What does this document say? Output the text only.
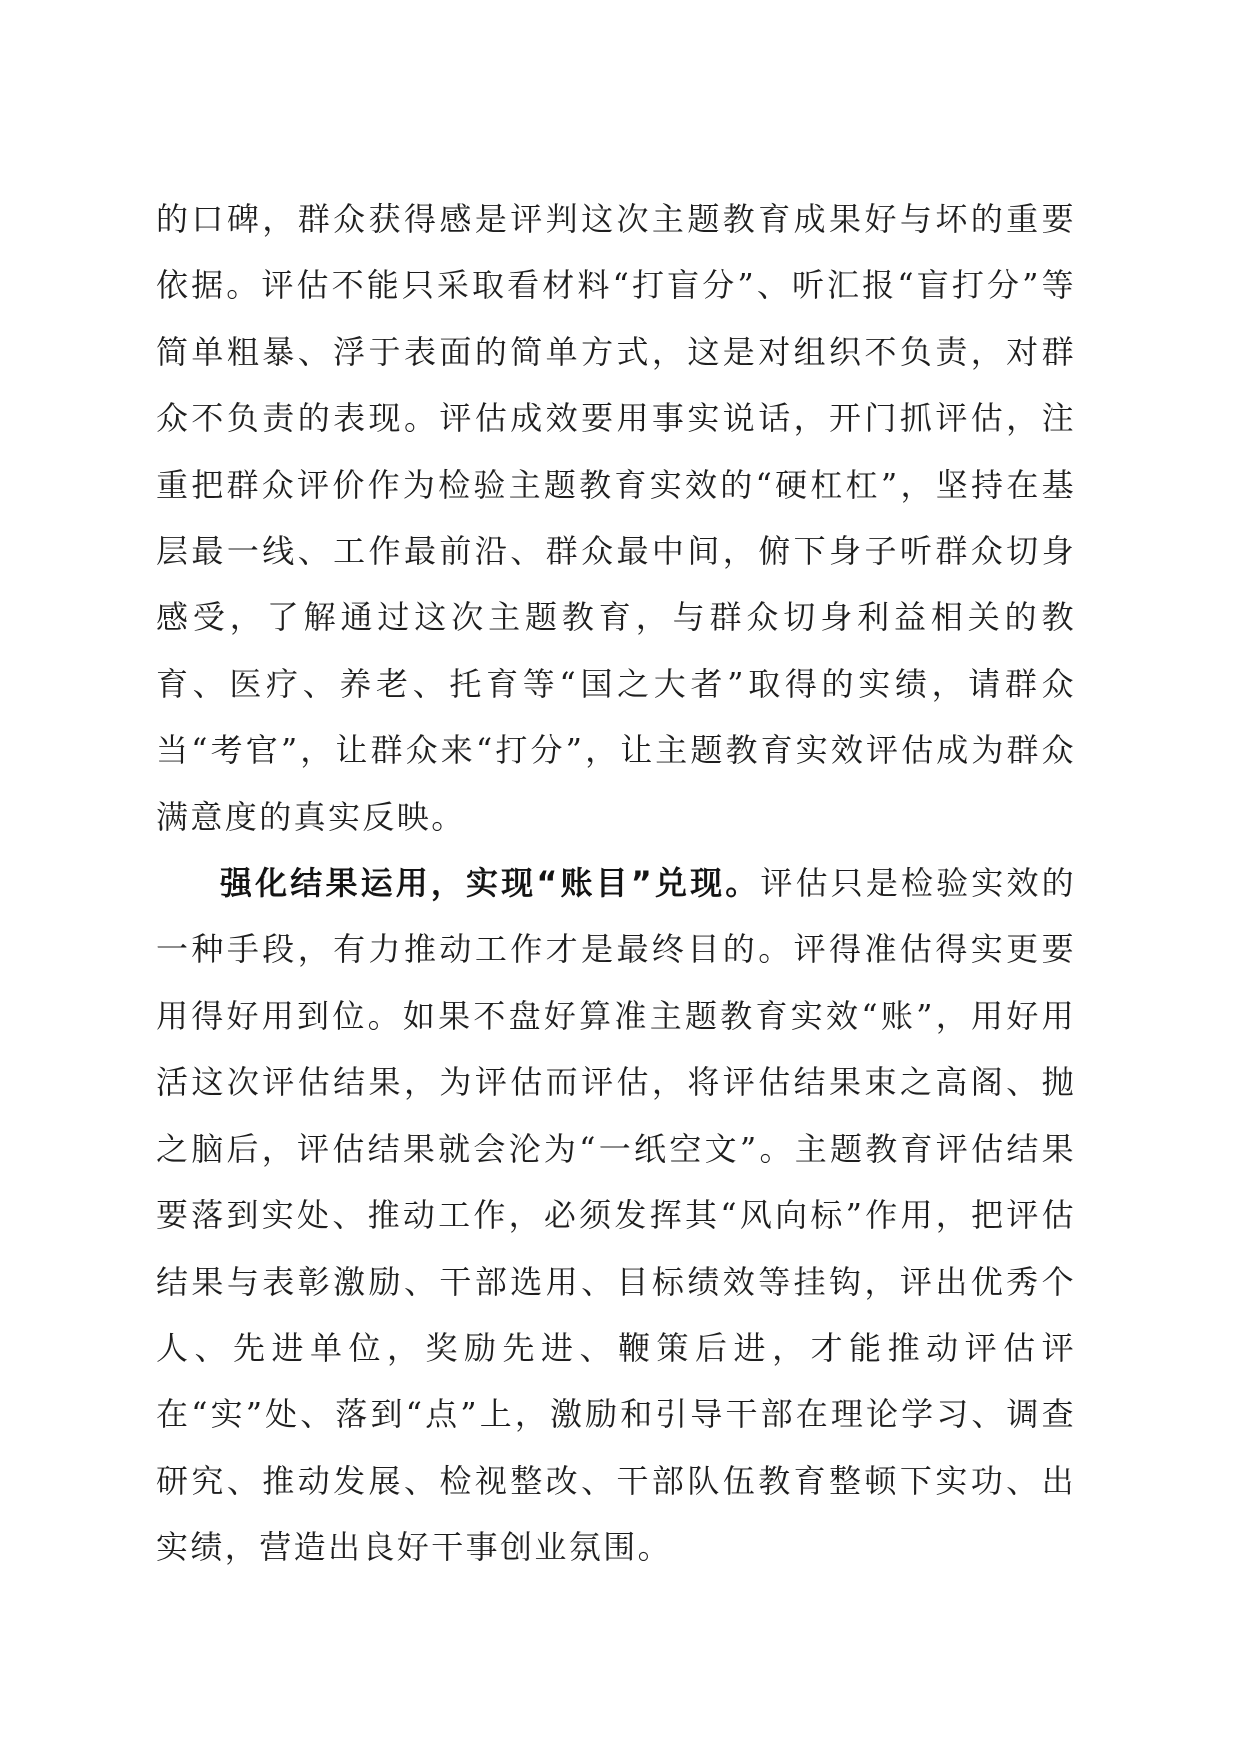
的口碑，群众获得感是评判这次主题教育成果好与坏的重要依据。评估不能只采取看材料“打盲分”、听汇报“盲打分”等简单粗暴、浮于表面的简单方式，这是对组织不负责，对群众不负责的表现。评估成效要用事实说话，开门抓评估，注重把群众评价作为检验主题教育实效的“硬杠杠”，坚持在基层最一线、工作最前沿、群众最中间，俯下身子听群众切身感受，了解通过这次主题教育，与群众切身利益相关的教育、医疗、养老、托育等“国之大者”取得的实绩，请群众当“考官”，让群众来“打分”，让主题教育实效评估成为群众满意度的真实反映。

强化结果运用，实现“账目”兑现。评估只是检验实效的一种手段，有力推动工作才是最终目的。评得准估得实更要用得好用到位。如果不盘好算准主题教育实效“账”，用好用活这次评估结果，为评估而评估，将评估结果束之高阁、抛之脑后，评估结果就会沦为“一纸空文”。主题教育评估结果要落到实处、推动工作，必须发挥其“风向标”作用，把评估结果与表彰激励、干部选用、目标绩效等挂钩，评出优秀个人、先进单位，奖励先进、鞭策后进，才能推动评估评在“实”处、落到“点”上，激励和引导干部在理论学习、调查研究、推动发展、检视整改、干部队伍教育整顿下实功、出实绩，营造出良好干事创业氛围。
